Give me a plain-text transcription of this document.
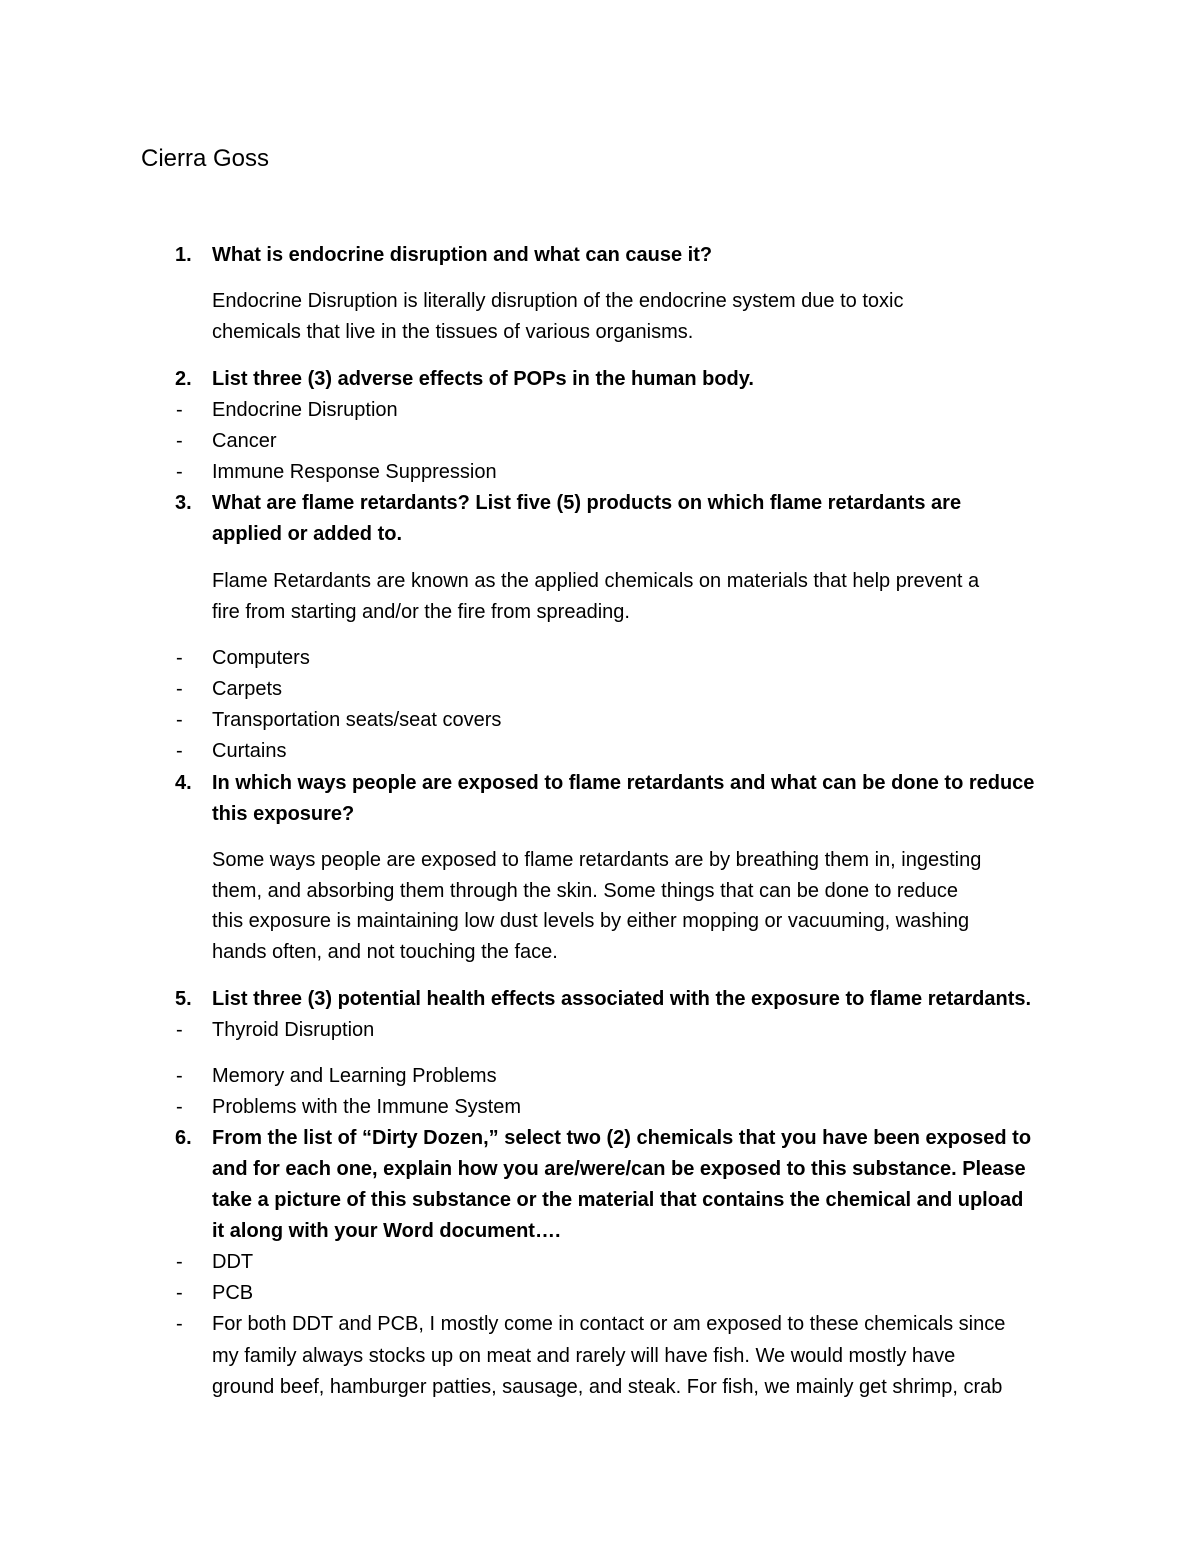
Cierra Goss
1. What is endocrine disruption and what can cause it?
Endocrine Disruption is literally disruption of the endocrine system due to toxic
chemicals that live in the tissues of various organisms.
2. List three (3) adverse effects of POPs in the human body.
- Endocrine Disruption
- Cancer
- Immune Response Suppression
3. What are flame retardants? List five (5) products on which flame retardants are
applied or added to.
Flame Retardants are known as the applied chemicals on materials that help prevent a
fire from starting and/or the fire from spreading.
- Computers
- Carpets
- Transportation seats/seat covers
- Curtains
4. In which ways people are exposed to flame retardants and what can be done to reduce
this exposure?
Some ways people are exposed to flame retardants are by breathing them in, ingesting
them, and absorbing them through the skin. Some things that can be done to reduce
this exposure is maintaining low dust levels by either mopping or vacuuming, washing
hands often, and not touching the face.
5. List three (3) potential health effects associated with the exposure to flame retardants.
- Thyroid Disruption
- Memory and Learning Problems
- Problems with the Immune System
6. From the list of “Dirty Dozen,” select two (2) chemicals that you have been exposed to
and for each one, explain how you are/were/can be exposed to this substance. Please
take a picture of this substance or the material that contains the chemical and upload
it along with your Word document….
- DDT
- PCB
- For both DDT and PCB, I mostly come in contact or am exposed to these chemicals since
my family always stocks up on meat and rarely will have fish. We would mostly have
ground beef, hamburger patties, sausage, and steak. For fish, we mainly get shrimp, crab
